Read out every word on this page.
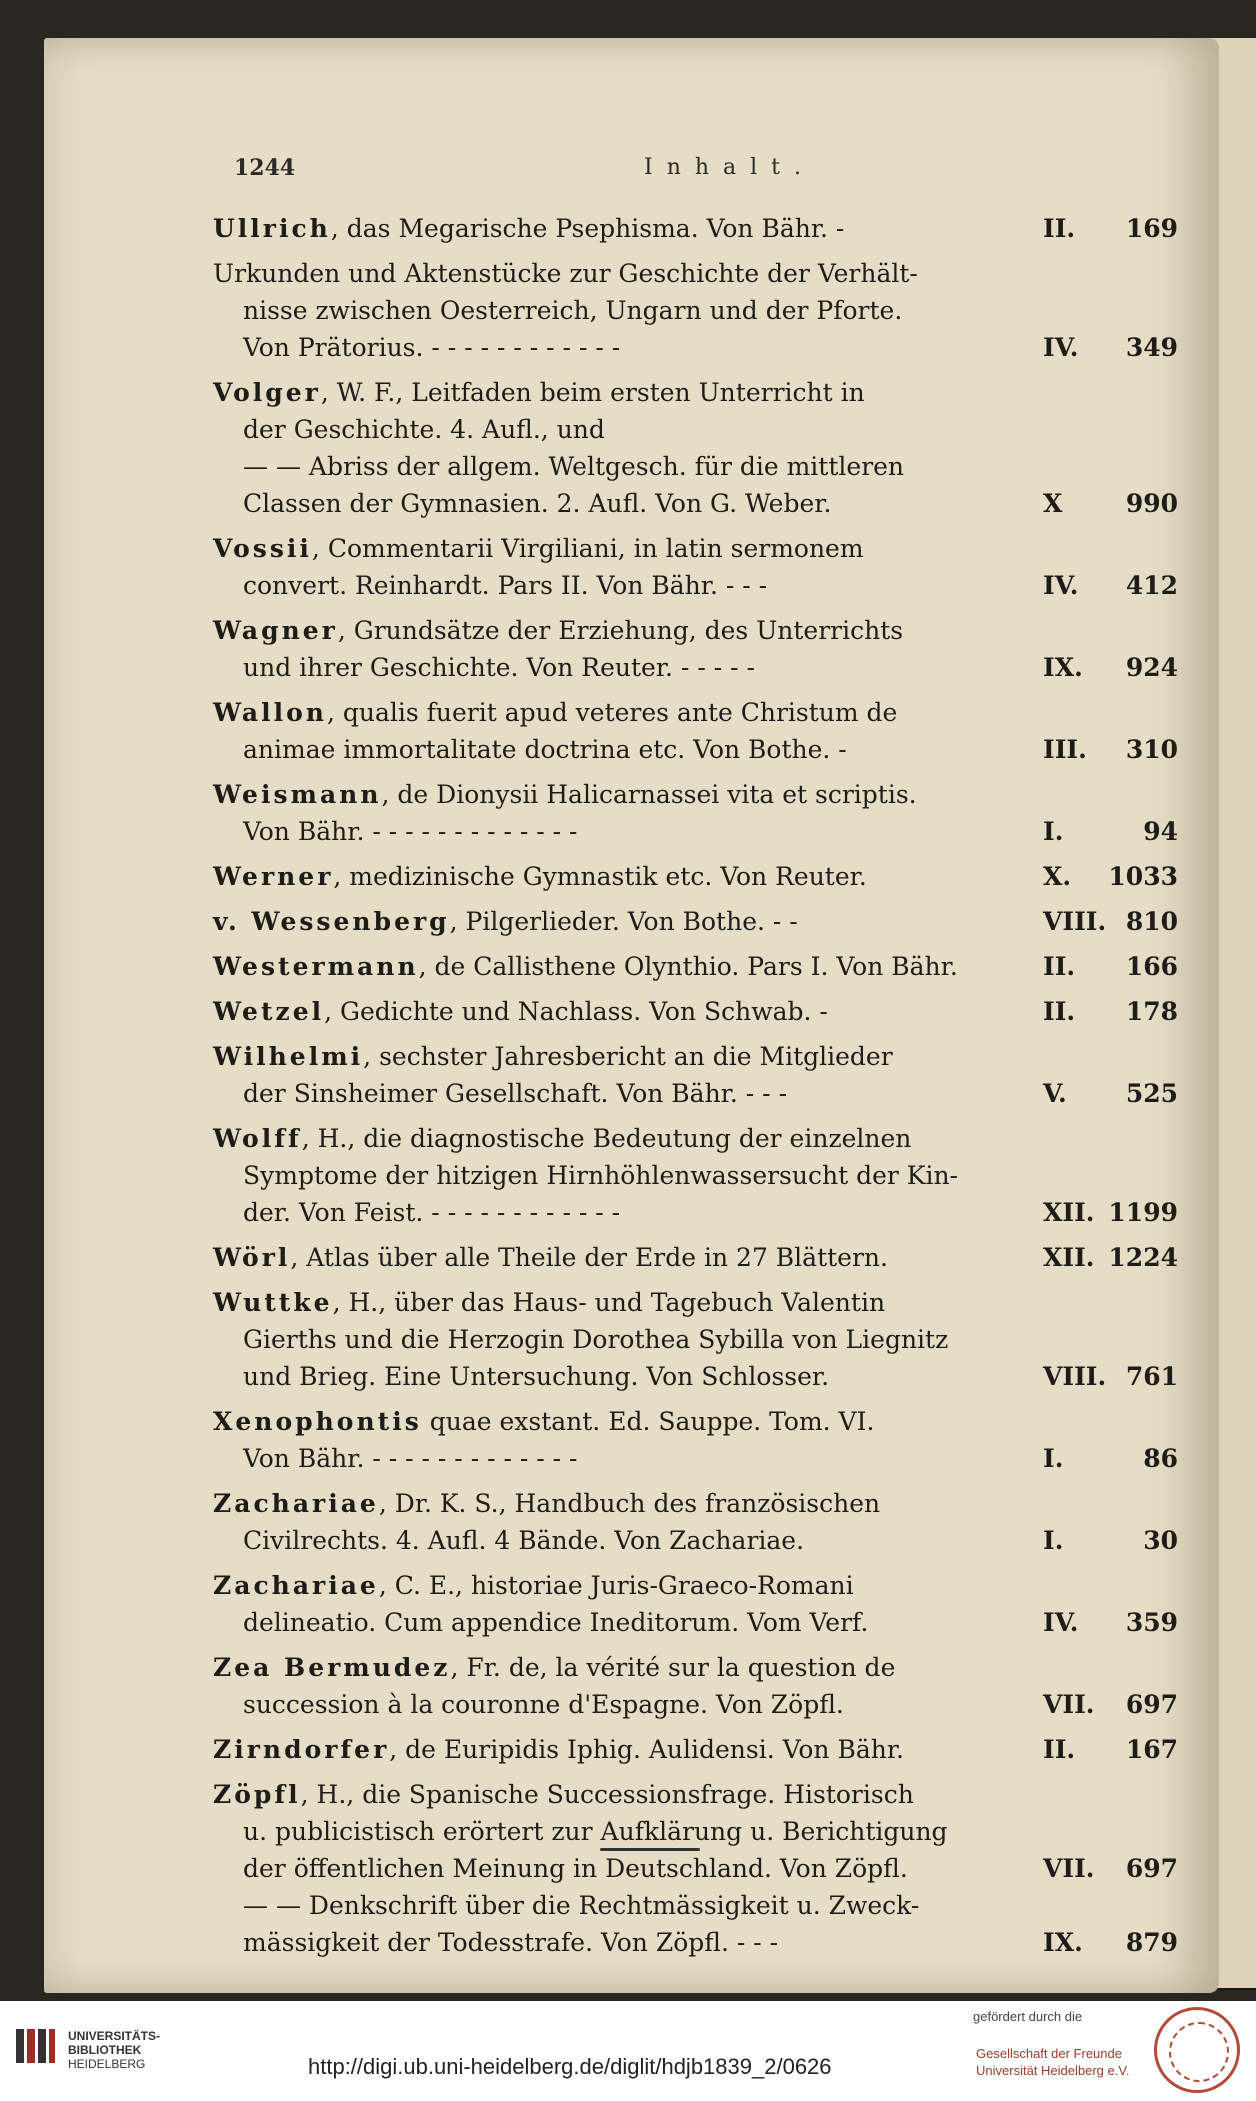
1244	Inhalt.
Ullrich, das Megarische Psephisma. Von Bähr. -	II.	169
Urkunden und Aktenstücke zur Geschichte der Verhält-
nisse zwischen Oesterreich, Ungarn und der Pforte.
Von Prätorius. - - - - - - - - - - - -	IV.	349
Volger, W. F., Leitfaden beim ersten Unterricht in
der Geschichte. 4. Aufl., und
— — Abriss der allgem. Weltgesch. für die mittleren
Classen der Gymnasien. 2. Aufl. Von G. Weber.	X	990
Vossii, Commentarii Virgiliani, in latin sermonem
convert. Reinhardt. Pars II. Von Bähr. - - -	IV.	412
Wagner, Grundsätze der Erziehung, des Unterrichts
und ihrer Geschichte. Von Reuter. - - - - -	IX.	924
Wallon, qualis fuerit apud veteres ante Christum de
animae immortalitate doctrina etc. Von Bothe. -	III.	310
Weismann, de Dionysii Halicarnassei vita et scriptis.
Von Bähr. - - - - - - - - - - - - -	I.	94
Werner, medizinische Gymnastik etc. Von Reuter.	X. 1033
v. Wessenberg, Pilgerlieder. Von Bothe. - -	VIII. 810
Westermann, de Callisthene Olynthio. Pars I. Von Bähr.	II.	166
Wetzel, Gedichte und Nachlass. Von Schwab. -	II.	178
Wilhelmi, sechster Jahresbericht an die Mitglieder
der Sinsheimer Gesellschaft. Von Bähr. - - -	V.	525
Wolff, H., die diagnostische Bedeutung der einzelnen
Symptome der hitzigen Hirnhöhlenwassersucht der Kin-
der. Von Feist. - - - - - - - - - - - -	XII. 1199
Wörl, Atlas über alle Theile der Erde in 27 Blättern.	XII. 1224
Wuttke, H., über das Haus- und Tagebuch Valentin
Gierths und die Herzogin Dorothea Sybilla von Liegnitz
und Brieg. Eine Untersuchung. Von Schlosser.	VIII. 761
Xenophontis quae exstant. Ed. Sauppe. Tom. VI.
Von Bähr. - - - - - - - - - - - - -	I.	86
Zachariae, Dr. K. S., Handbuch des französischen
Civilrechts. 4. Aufl. 4 Bände. Von Zachariae.	I.	30
Zachariae, C. E., historiae Juris-Graeco-Romani
delineatio. Cum appendice Ineditorum. Vom Verf.	IV.	359
Zea Bermudez, Fr. de, la vérité sur la question de
succession à la couronne d'Espagne. Von Zöpfl.	VII.	697
Zirndorfer, de Euripidis Iphig. Aulidensi. Von Bähr.	II.	167
Zöpfl, H., die Spanische Successionsfrage. Historisch
u. publicistisch erörtert zur Aufklärung u. Berichtigung
der öffentlichen Meinung in Deutschland. Von Zöpfl.	VII.	697
— — Denkschrift über die Rechtmässigkeit u. Zweck-
mässigkeit der Todesstrafe. Von Zöpfl. - - -	IX.	879
UNIVERSITÄTS-
BIBLIOTHEK
HEIDELBERG	http://digi.ub.uni-heidelberg.de/diglit/hdjb1839_2/0626
gefördert durch die
Gesellschaft der Freunde
Universität Heidelberg e.V.
